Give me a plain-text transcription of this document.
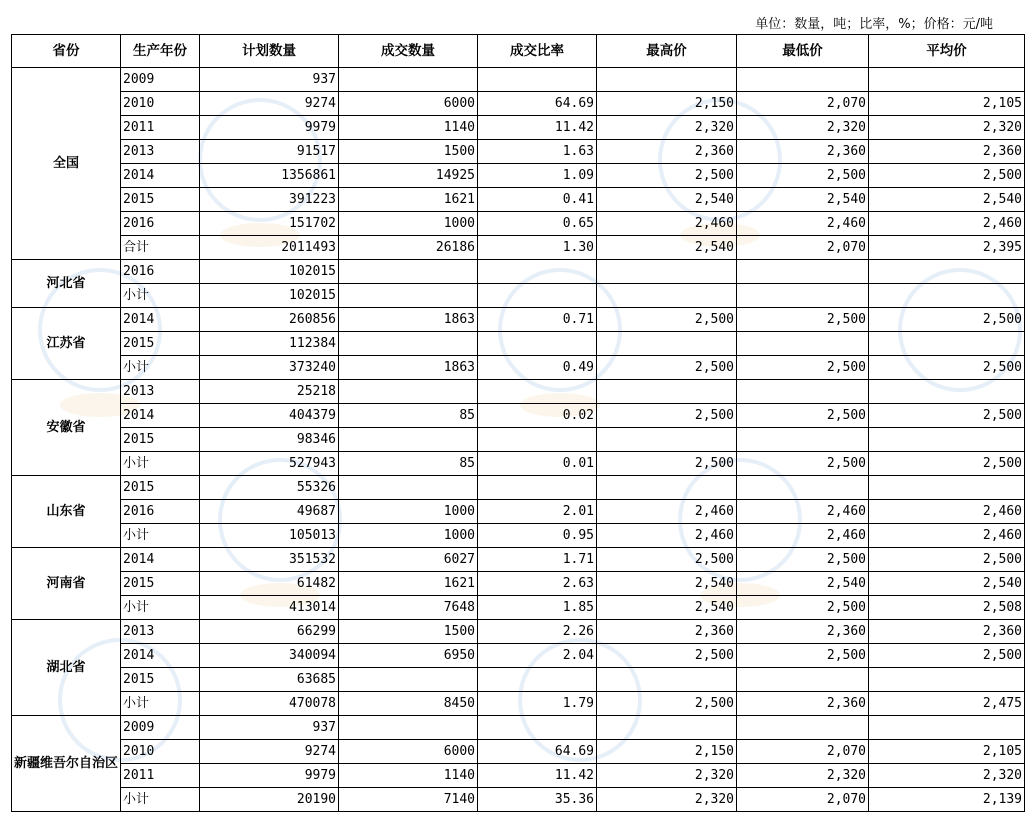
单位：数量，吨；比率，%；价格：元/吨
省份	生产年份	计划数量	成交数量	成交比率	最高价	最低价	平均价
全国	2009	937					
	2010	9274	6000	64.69	2,150	2,070	2,105
	2011	9979	1140	11.42	2,320	2,320	2,320
	2013	91517	1500	1.63	2,360	2,360	2,360
	2014	1356861	14925	1.09	2,500	2,500	2,500
	2015	391223	1621	0.41	2,540	2,540	2,540
	2016	151702	1000	0.65	2,460	2,460	2,460
	合计	2011493	26186	1.30	2,540	2,070	2,395
河北省	2016	102015					
	小计	102015					
江苏省	2014	260856	1863	0.71	2,500	2,500	2,500
	2015	112384					
	小计	373240	1863	0.49	2,500	2,500	2,500
安徽省	2013	25218					
	2014	404379	85	0.02	2,500	2,500	2,500
	2015	98346					
	小计	527943	85	0.01	2,500	2,500	2,500
山东省	2015	55326					
	2016	49687	1000	2.01	2,460	2,460	2,460
	小计	105013	1000	0.95	2,460	2,460	2,460
河南省	2014	351532	6027	1.71	2,500	2,500	2,500
	2015	61482	1621	2.63	2,540	2,540	2,540
	小计	413014	7648	1.85	2,540	2,500	2,508
湖北省	2013	66299	1500	2.26	2,360	2,360	2,360
	2014	340094	6950	2.04	2,500	2,500	2,500
	2015	63685					
	小计	470078	8450	1.79	2,500	2,360	2,475
新疆维吾尔自治区	2009	937					
	2010	9274	6000	64.69	2,150	2,070	2,105
	2011	9979	1140	11.42	2,320	2,320	2,320
	小计	20190	7140	35.36	2,320	2,070	2,139
